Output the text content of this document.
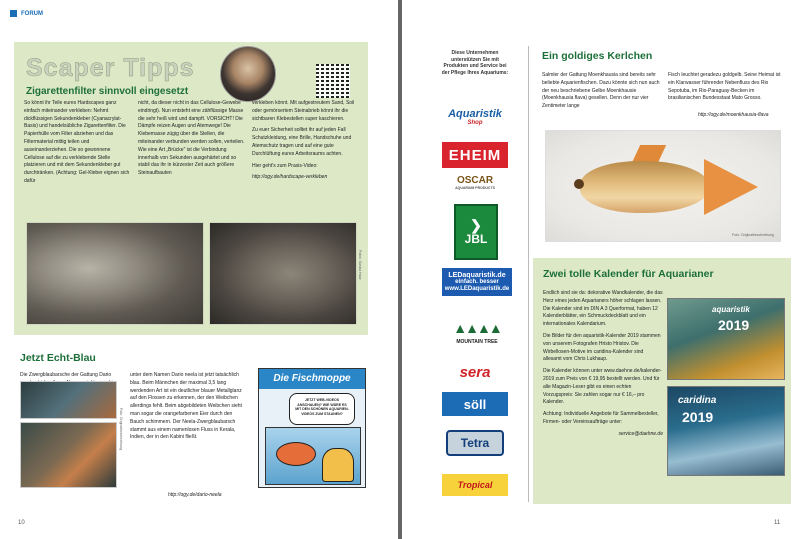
FORUM
Scaper Tipps
Zigarettenfilter sinnvoll eingesetzt

So könnt ihr Teile eures Hardscapes ganz einfach miteinander verkleben: Nehmt dickflüssigen Sekundenkleber (Cyanacrylat-Basis) und handelsübliche Zigarettenfilter. Die Papierhülle vom Filter abziehen und das Filtermaterial mittig teilen und auseinanderziehen. Die so gewonnene Cellulose auf die zu verklebende Stelle platzieren und mit dem Sekundenkleber gut durchtränken. (Achtung: Gel-Kleber eignen sich dafür

nicht, da dieser nicht in das Cellulose-Gewebe eindringt). Nun entsteht eine zähflüssige Masse die sehr heiß wird und dampft. VORSICHT! Die Dämpfe reizen Augen und Atemwege! Die Klebemasse zügig über die Stellen, die miteinander verbunden werden sollen, verteilen. Wie eine Art „Brücke" ist die Verbindung innerhalb von Sekunden ausgehärtet und so stabil das ihr in kürzester Zeit auch größere Steinaufbauten

verkleben könnt. Mit aufgestreutem Sand, Soil oder gemörsertem Steinabrieb könnt ihr die sichtbaren Klebestellen super kaschieren.

Zu euer Sicherheit solltet ihr auf jeden Fall Schutzkleidung, eine Brille, Handschuhe und Atemschutz tragen und auf eine gute Durchlüftung eures Arbeitsraums achten.

Hier geht's zum Praxis-Video:

http://ogy.de/hardscape-verkleben

Fotos: Saskia Haar
Jetzt Echt-Blau

Die Zwergblaubarsche der Gattung Dario

Foto: Originalbeschreibung

unter dem Namen Dario neela ist jetzt tatsächlich blau. Beim Männchen der maximal 3,5 lang werdenden Art ist ein deutlicher blauer Metallglanz auf den Flossen zu erkennen, der den Weibchen allerdings fehlt. Beim abgebildeten Weibchen sieht man sogar die orangefarbenen Eier durch den Bauch schimmern. Der Neela-Zwergblaubarsch stammt aus einem namenlosen Fluss in Kerala, Indien, der in den Kabini fließt.

http://ogy.de/dario-neela
Die Fischmoppe
JETZT WEB-VIDEOS ANSCHAUEN? WIE WÄRE ES MIT DEN SCHÖNEN AQUARIEN-VIDEOS ZUM STAUNEN?
10
Diese Unternehmen unterstützen Sie mit Produkten und Service bei der Pflege Ihres Aquariums:
Aquaristik
Shop
EHEIM
OSCAR
AQUARIUM PRODUCTS
❯
JBL
LEDaquaristik.de
einfach. besser
www.LEDaquaristik.de
▲▲▲▲
MOUNTAIN TREE
sera
söll
Tetra
Tropical
Ein goldiges Kerlchen

Salmler der Gattung Moenkhausia sind bereits sehr beliebte Aquarienfischen. Dazu könnte sich nun auch der neu beschriebene Gelbe Moenkhausie (Moenkhausia flava) gesellen. Denn der nur vier Zentimeter lange

Fisch leuchtet geradezu goldgelb. Seine Heimat ist ein Klarwasser führender Nebenfluss des Rio Sepotuba, im Rio-Paraguay-Becken im brasilianischen Bundesstaat Mato Grosso.

http://ogy.de/moenkhausia-flava
Foto: Originalbeschreibung
Zwei tolle Kalender für Aquarianer

Endlich sind sie da: dekorative Wandkalender, die das Herz eines jeden Aquarianers höher schlagen lassen. Die Kalender sind im DIN A 3 Querformat, haben 12 Kalenderblätter, ein Schmuckdeckblatt und ein internationales Kalendarium.

Die Bilder für den aquaristik-Kalender 2019 stammen von unserem Fotografen Hristo Hristov. Die Wirbellosen-Motive im caridina-Kalender sind allesamt vom Chris Lukhaup.

Die Kalender können unter www.daehne.de/kalender-2019 zum Preis von € 19,95 bestellt werden. Und für alle Magazin-Leser gibt es einen echten Vorzugspreis: Sie zahlen sogar nur € 16,– pro Kalender.

Achtung: Individuelle Angebote für Sammelbesteller, Firmen- oder Vereinsaufträge unter:

service@daehne.de

aquaristik
2019
caridina
2019
11
